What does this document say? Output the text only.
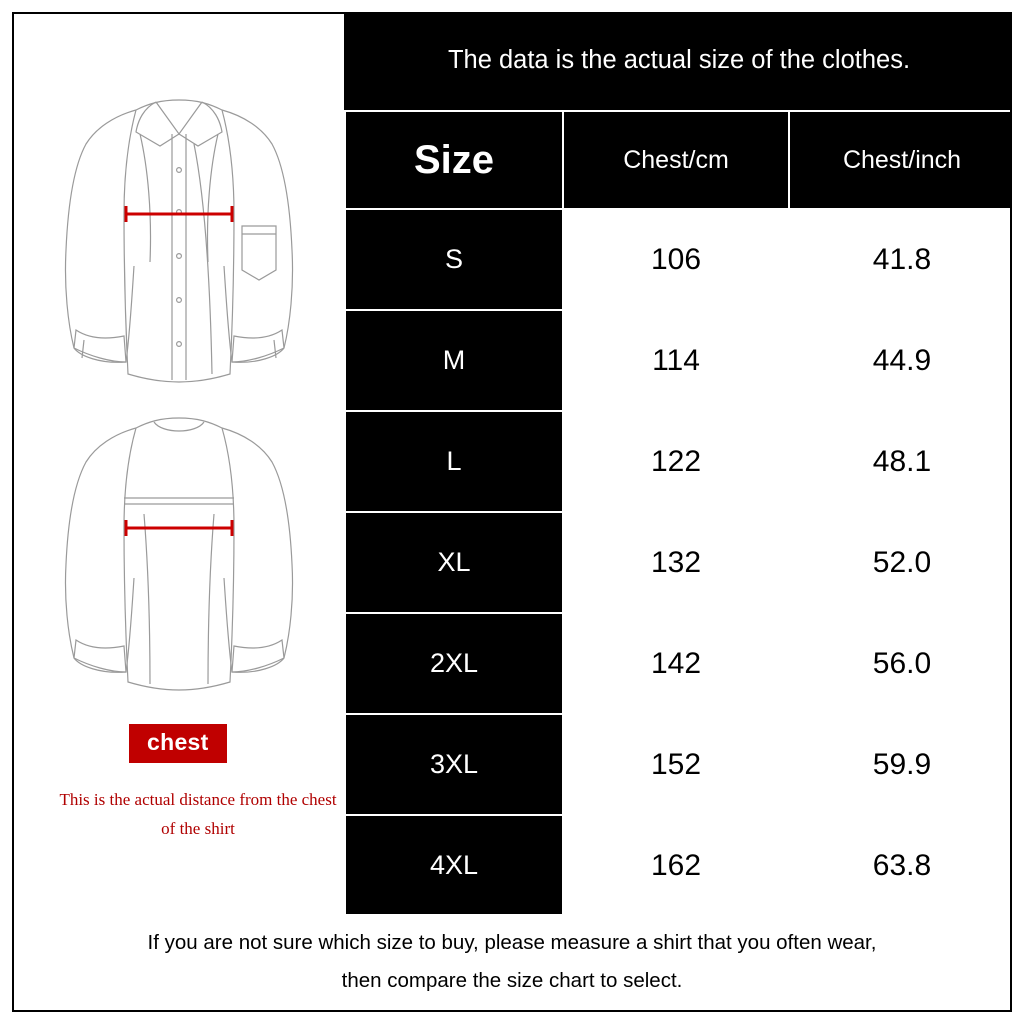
chest
This is the actual distance from the chest of the shirt
The data is the actual size of the clothes.
Size	Chest/cm	Chest/inch
S	106	41.8
M	114	44.9
L	122	48.1
XL	132	52.0
2XL	142	56.0
3XL	152	59.9
4XL	162	63.8
If you are not sure which size to buy, please measure a shirt that you often wear,
then compare the size chart to select.
